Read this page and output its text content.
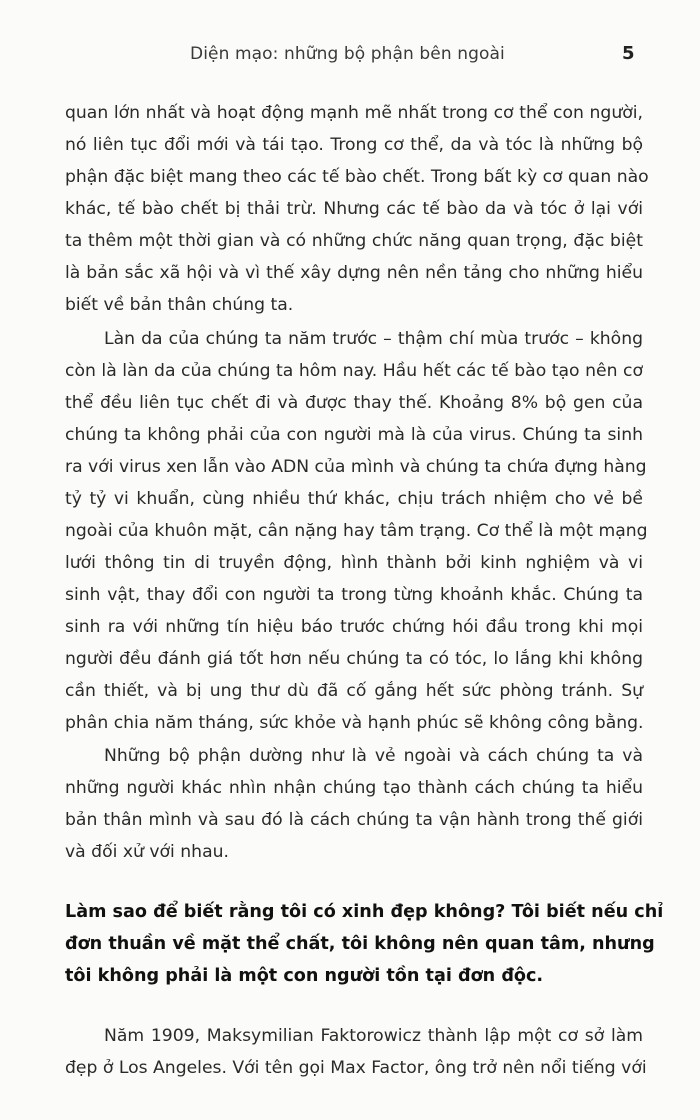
Diện mạo: những bộ phận bên ngoài	5
quan lớn nhất và hoạt động mạnh mẽ nhất trong cơ thể con người,
nó liên tục đổi mới và tái tạo. Trong cơ thể, da và tóc là những bộ
phận đặc biệt mang theo các tế bào chết. Trong bất kỳ cơ quan nào
khác, tế bào chết bị thải trừ. Nhưng các tế bào da và tóc ở lại với
ta thêm một thời gian và có những chức năng quan trọng, đặc biệt
là bản sắc xã hội và vì thế xây dựng nên nền tảng cho những hiểu
biết về bản thân chúng ta.
Làn da của chúng ta năm trước – thậm chí mùa trước – không
còn là làn da của chúng ta hôm nay. Hầu hết các tế bào tạo nên cơ
thể đều liên tục chết đi và được thay thế. Khoảng 8% bộ gen của
chúng ta không phải của con người mà là của virus. Chúng ta sinh
ra với virus xen lẫn vào ADN của mình và chúng ta chứa đựng hàng
tỷ tỷ vi khuẩn, cùng nhiều thứ khác, chịu trách nhiệm cho vẻ bề
ngoài của khuôn mặt, cân nặng hay tâm trạng. Cơ thể là một mạng
lưới thông tin di truyền động, hình thành bởi kinh nghiệm và vi
sinh vật, thay đổi con người ta trong từng khoảnh khắc. Chúng ta
sinh ra với những tín hiệu báo trước chứng hói đầu trong khi mọi
người đều đánh giá tốt hơn nếu chúng ta có tóc, lo lắng khi không
cần thiết, và bị ung thư dù đã cố gắng hết sức phòng tránh. Sự
phân chia năm tháng, sức khỏe và hạnh phúc sẽ không công bằng.
Những bộ phận dường như là vẻ ngoài và cách chúng ta và
những người khác nhìn nhận chúng tạo thành cách chúng ta hiểu
bản thân mình và sau đó là cách chúng ta vận hành trong thế giới
và đối xử với nhau.
Làm sao để biết rằng tôi có xinh đẹp không? Tôi biết nếu chỉ
đơn thuần về mặt thể chất, tôi không nên quan tâm, nhưng
tôi không phải là một con người tồn tại đơn độc.
Năm 1909, Maksymilian Faktorowicz thành lập một cơ sở làm
đẹp ở Los Angeles. Với tên gọi Max Factor, ông trở nên nổi tiếng với
